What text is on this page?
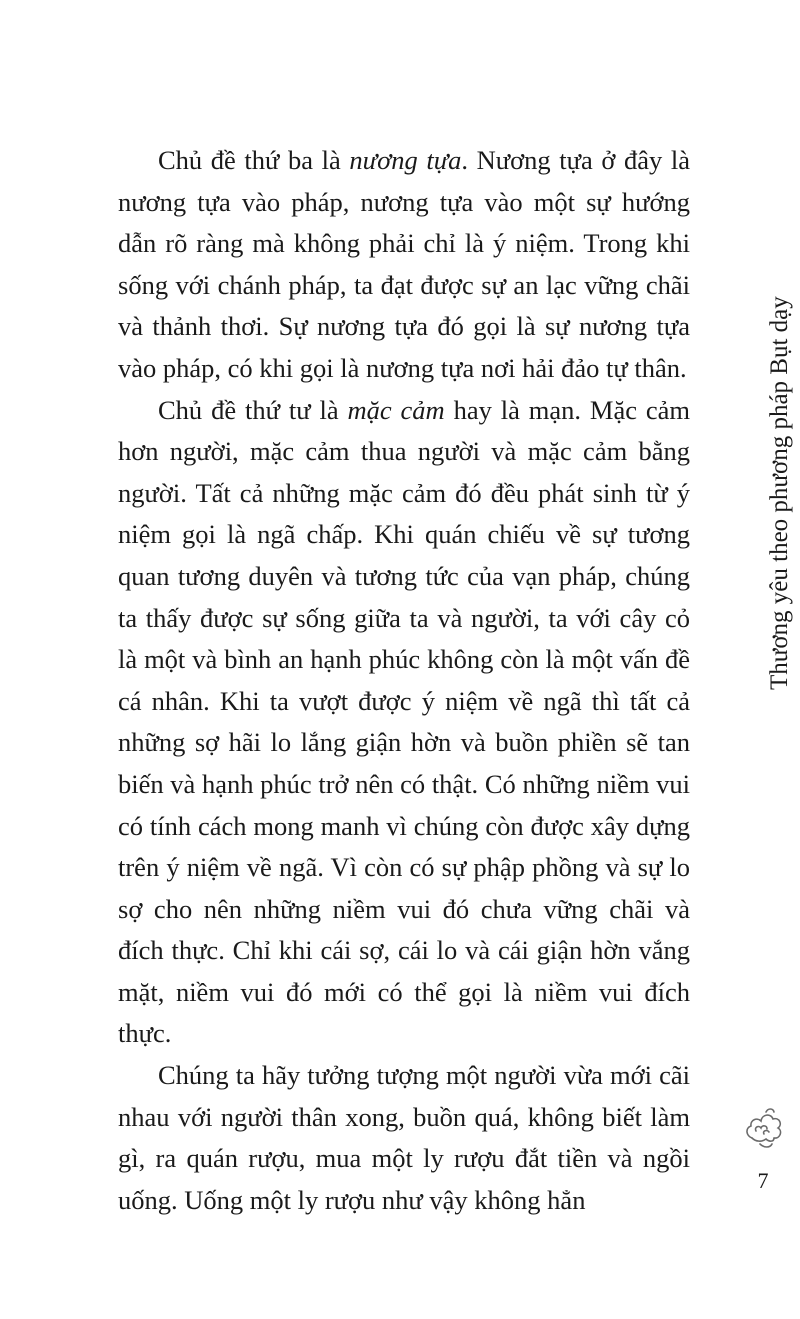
Chủ đề thứ ba là nương tựa. Nương tựa ở đây là nương tựa vào pháp, nương tựa vào một sự hướng dẫn rõ ràng mà không phải chỉ là ý niệm. Trong khi sống với chánh pháp, ta đạt được sự an lạc vững chãi và thảnh thơi. Sự nương tựa đó gọi là sự nương tựa vào pháp, có khi gọi là nương tựa nơi hải đảo tự thân.

Chủ đề thứ tư là mặc cảm hay là mạn. Mặc cảm hơn người, mặc cảm thua người và mặc cảm bằng người. Tất cả những mặc cảm đó đều phát sinh từ ý niệm gọi là ngã chấp. Khi quán chiếu về sự tương quan tương duyên và tương tức của vạn pháp, chúng ta thấy được sự sống giữa ta và người, ta với cây cỏ là một và bình an hạnh phúc không còn là một vấn đề cá nhân. Khi ta vượt được ý niệm về ngã thì tất cả những sợ hãi lo lắng giận hờn và buồn phiền sẽ tan biến và hạnh phúc trở nên có thật. Có những niềm vui có tính cách mong manh vì chúng còn được xây dựng trên ý niệm về ngã. Vì còn có sự phập phồng và sự lo sợ cho nên những niềm vui đó chưa vững chãi và đích thực. Chỉ khi cái sợ, cái lo và cái giận hờn vắng mặt, niềm vui đó mới có thể gọi là niềm vui đích thực.

Chúng ta hãy tưởng tượng một người vừa mới cãi nhau với người thân xong, buồn quá, không biết làm gì, ra quán rượu, mua một ly rượu đắt tiền và ngồi uống. Uống một ly rượu như vậy không hẳn

Thương yêu theo phương pháp Bụt dạy
7
